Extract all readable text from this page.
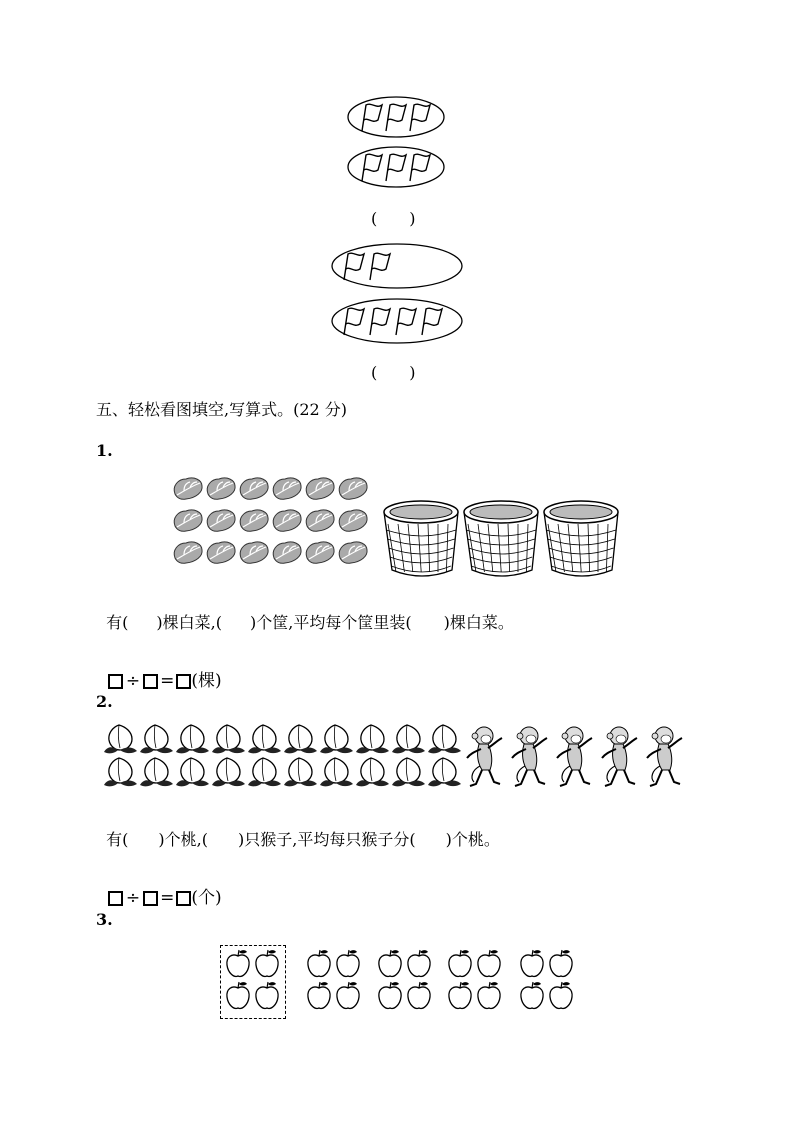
(　　)
(　　)
五、轻松看图填空,写算式。(22 分)
1.

有( )棵白菜,( )个筐,平均每个筐里装( )棵白菜。

÷ = (棵)

2.

有( )个桃,( )只猴子,平均每只猴子分( )个桃。

÷ = (个)

3.
